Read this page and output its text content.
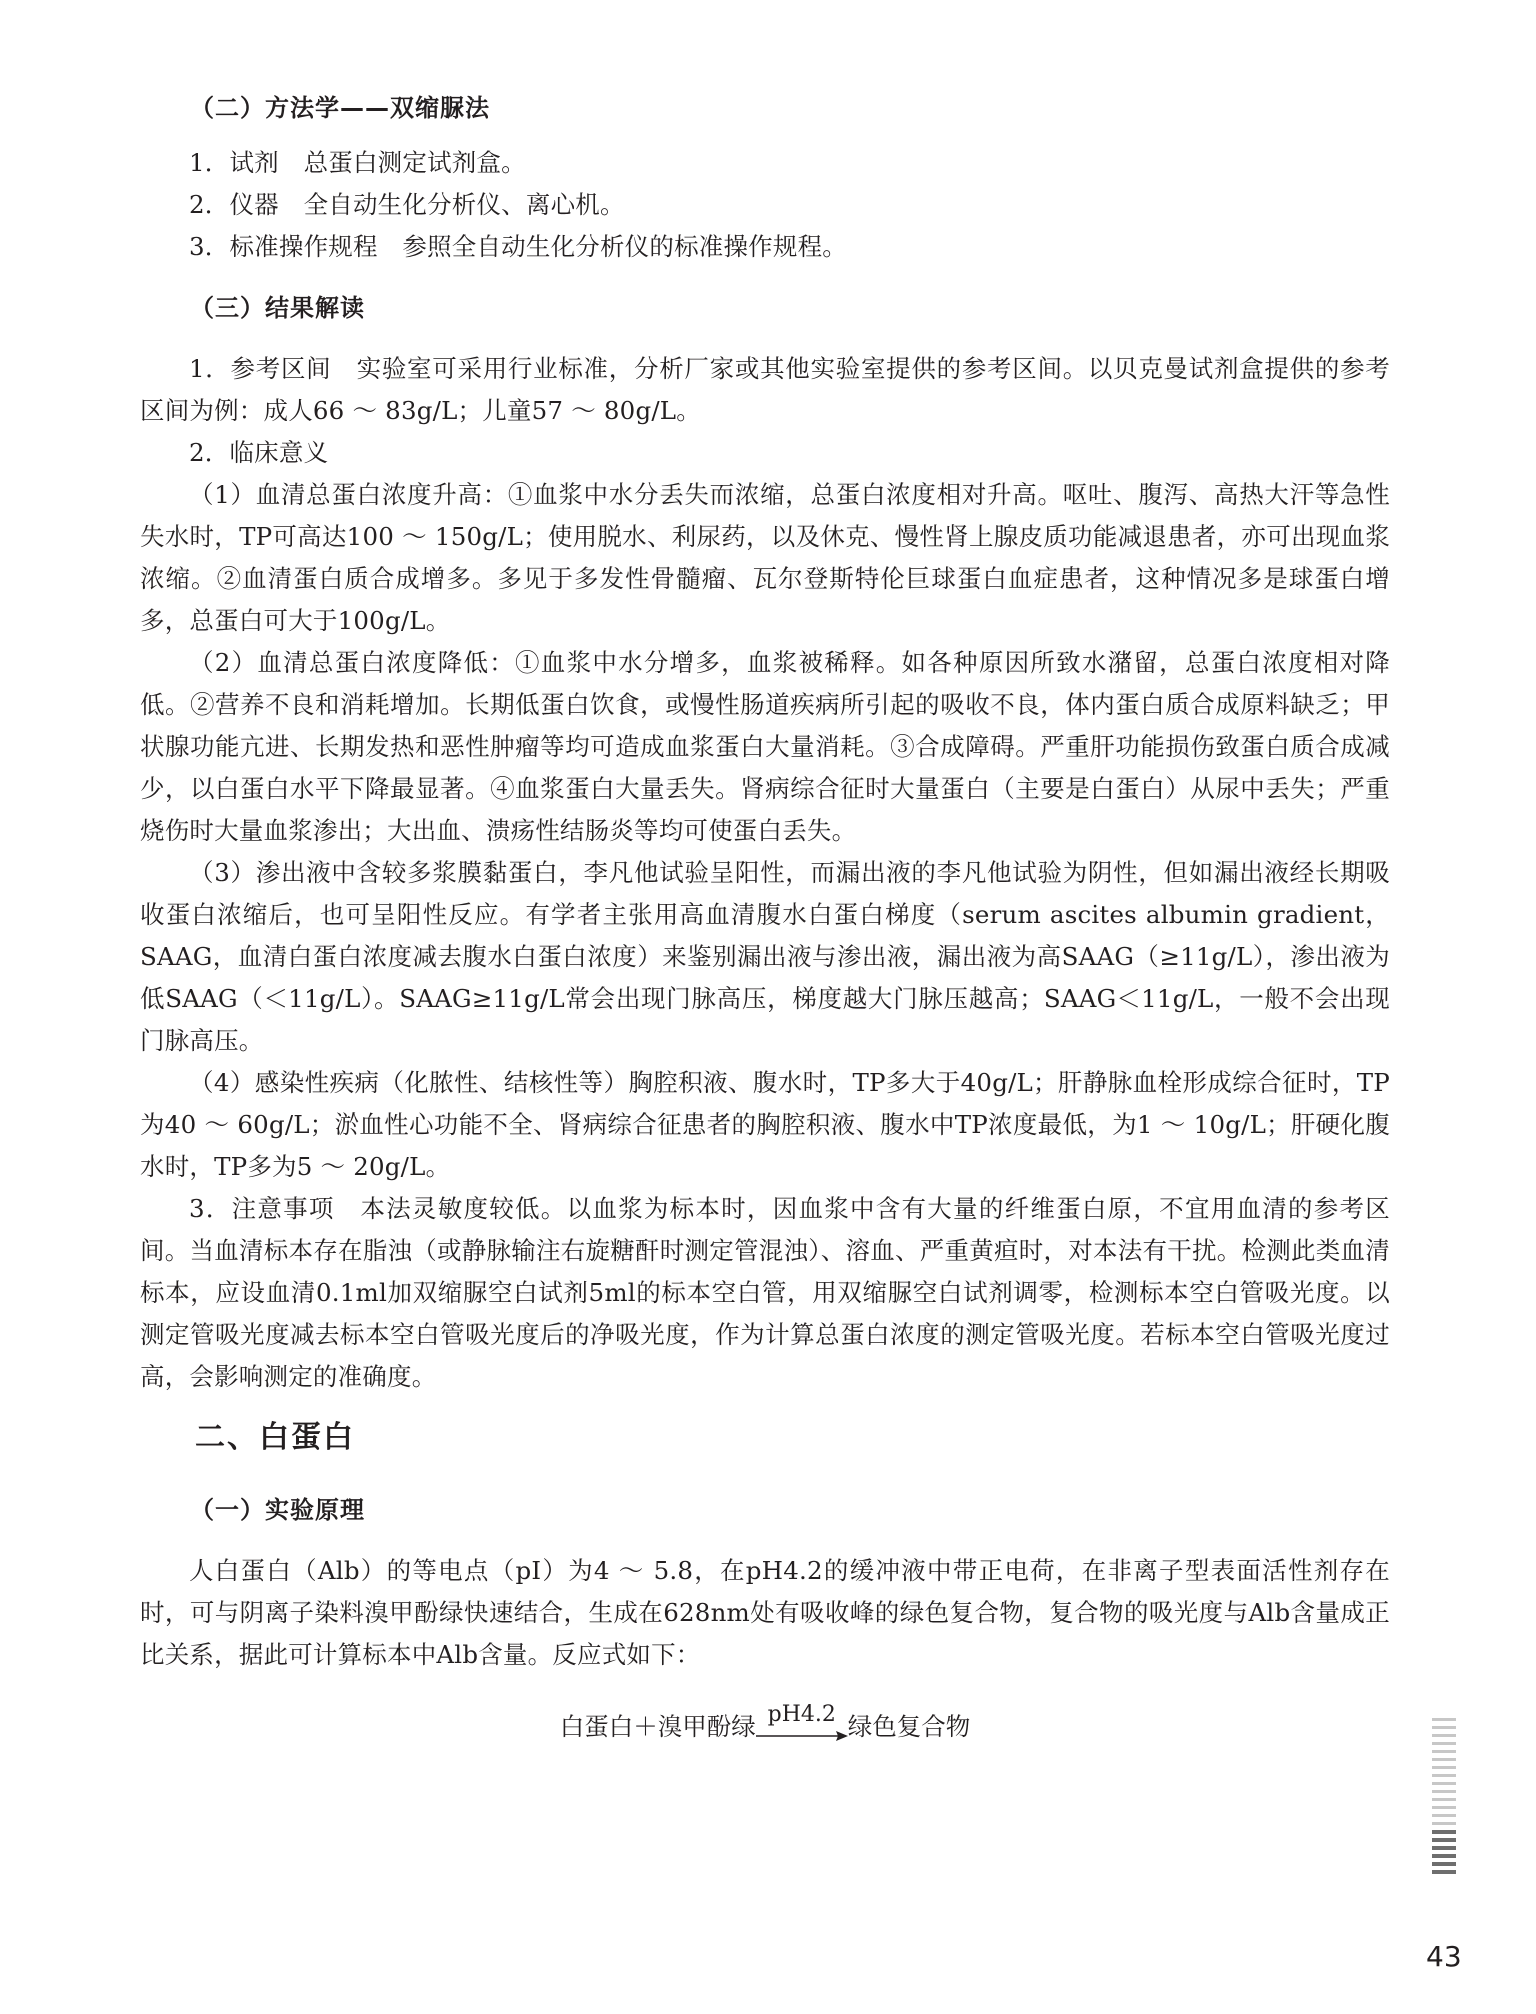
（二）方法学——双缩脲法

1．试剂　总蛋白测定试剂盒。

2．仪器　全自动生化分析仪、离心机。

3．标准操作规程　参照全自动生化分析仪的标准操作规程。

（三）结果解读

1．参考区间　实验室可采用行业标准，分析厂家或其他实验室提供的参考区间。以贝克曼试剂盒提供的参考区间为例：成人66 ～ 83g/L；儿童57 ～ 80g/L。

2．临床意义

（1）血清总蛋白浓度升高：①血浆中水分丢失而浓缩，总蛋白浓度相对升高。呕吐、腹泻、高热大汗等急性失水时，TP可高达100 ～ 150g/L；使用脱水、利尿药，以及休克、慢性肾上腺皮质功能减退患者，亦可出现血浆浓缩。②血清蛋白质合成增多。多见于多发性骨髓瘤、瓦尔登斯特伦巨球蛋白血症患者，这种情况多是球蛋白增多，总蛋白可大于100g/L。

（2）血清总蛋白浓度降低：①血浆中水分增多，血浆被稀释。如各种原因所致水潴留，总蛋白浓度相对降低。②营养不良和消耗增加。长期低蛋白饮食，或慢性肠道疾病所引起的吸收不良，体内蛋白质合成原料缺乏；甲状腺功能亢进、长期发热和恶性肿瘤等均可造成血浆蛋白大量消耗。③合成障碍。严重肝功能损伤致蛋白质合成减少，以白蛋白水平下降最显著。④血浆蛋白大量丢失。肾病综合征时大量蛋白（主要是白蛋白）从尿中丢失；严重烧伤时大量血浆渗出；大出血、溃疡性结肠炎等均可使蛋白丢失。

（3）渗出液中含较多浆膜黏蛋白，李凡他试验呈阳性，而漏出液的李凡他试验为阴性，但如漏出液经长期吸收蛋白浓缩后，也可呈阳性反应。有学者主张用高血清腹水白蛋白梯度（serum ascites albumin gradient，SAAG，血清白蛋白浓度减去腹水白蛋白浓度）来鉴别漏出液与渗出液，漏出液为高SAAG（≥11g/L），渗出液为低SAAG（＜11g/L）。SAAG≥11g/L常会出现门脉高压，梯度越大门脉压越高；SAAG＜11g/L，一般不会出现门脉高压。

（4）感染性疾病（化脓性、结核性等）胸腔积液、腹水时，TP多大于40g/L；肝静脉血栓形成综合征时，TP为40 ～ 60g/L；淤血性心功能不全、肾病综合征患者的胸腔积液、腹水中TP浓度最低，为1 ～ 10g/L；肝硬化腹水时，TP多为5 ～ 20g/L。

3．注意事项　本法灵敏度较低。以血浆为标本时，因血浆中含有大量的纤维蛋白原，不宜用血清的参考区间。当血清标本存在脂浊（或静脉输注右旋糖酐时测定管混浊）、溶血、严重黄疸时，对本法有干扰。检测此类血清标本，应设血清0.1ml加双缩脲空白试剂5ml的标本空白管，用双缩脲空白试剂调零，检测标本空白管吸光度。以测定管吸光度减去标本空白管吸光度后的净吸光度，作为计算总蛋白浓度的测定管吸光度。若标本空白管吸光度过高，会影响测定的准确度。

二、白蛋白
（一）实验原理

人白蛋白（Alb）的等电点（pI）为4 ～ 5.8，在pH4.2的缓冲液中带正电荷，在非离子型表面活性剂存在时，可与阴离子染料溴甲酚绿快速结合，生成在628nm处有吸收峰的绿色复合物，复合物的吸光度与Alb含量成正比关系，据此可计算标本中Alb含量。反应式如下：

白蛋白＋溴甲酚绿 pH4.2 绿色复合物

43
